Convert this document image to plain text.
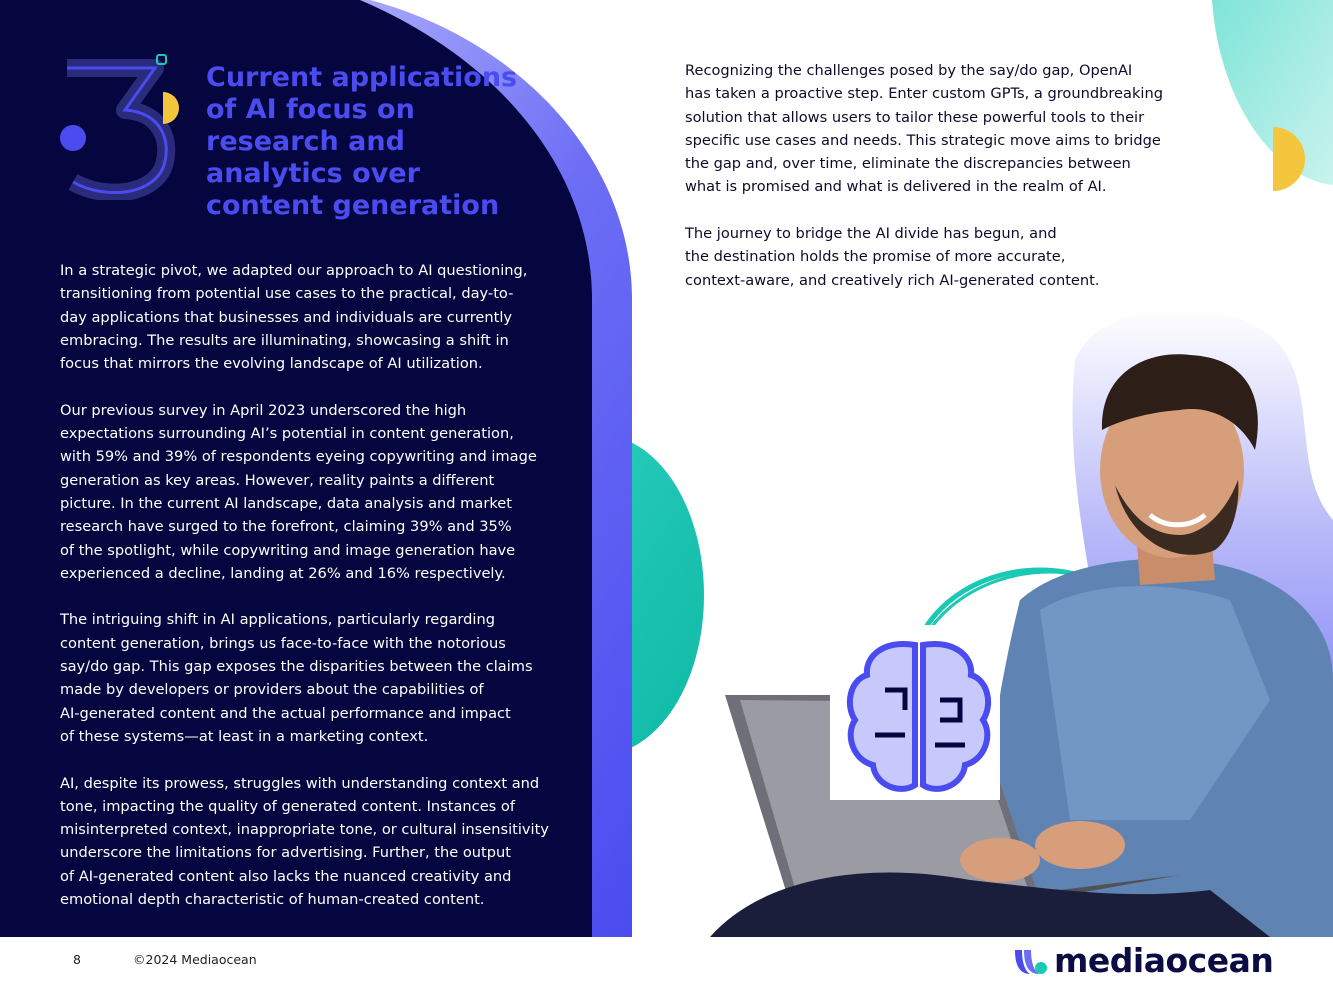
3
Current applications of AI focus on research and analytics over content generation

In a strategic pivot, we adapted our approach to AI questioning,
transitioning from potential use cases to the practical, day-to-
day applications that businesses and individuals are currently
embracing. The results are illuminating, showcasing a shift in
focus that mirrors the evolving landscape of AI utilization.

Our previous survey in April 2023 underscored the high
expectations surrounding AI’s potential in content generation,
with 59% and 39% of respondents eyeing copywriting and image
generation as key areas. However, reality paints a different
picture. In the current AI landscape, data analysis and market
research have surged to the forefront, claiming 39% and 35%
of the spotlight, while copywriting and image generation have
experienced a decline, landing at 26% and 16% respectively.

The intriguing shift in AI applications, particularly regarding
content generation, brings us face-to-face with the notorious
say/do gap. This gap exposes the disparities between the claims
made by developers or providers about the capabilities of
AI-generated content and the actual performance and impact
of these systems—at least in a marketing context.

AI, despite its prowess, struggles with understanding context and
tone, impacting the quality of generated content. Instances of
misinterpreted context, inappropriate tone, or cultural insensitivity
underscore the limitations for advertising. Further, the output
of AI-generated content also lacks the nuanced creativity and
emotional depth characteristic of human-created content.

Recognizing the challenges posed by the say/do gap, OpenAI
has taken a proactive step. Enter custom GPTs, a groundbreaking
solution that allows users to tailor these powerful tools to their
specific use cases and needs. This strategic move aims to bridge
the gap and, over time, eliminate the discrepancies between
what is promised and what is delivered in the realm of AI.

The journey to bridge the AI divide has begun, and
the destination holds the promise of more accurate,
context-aware, and creatively rich AI-generated content.

8	©2024 Mediaocean	mediaocean
